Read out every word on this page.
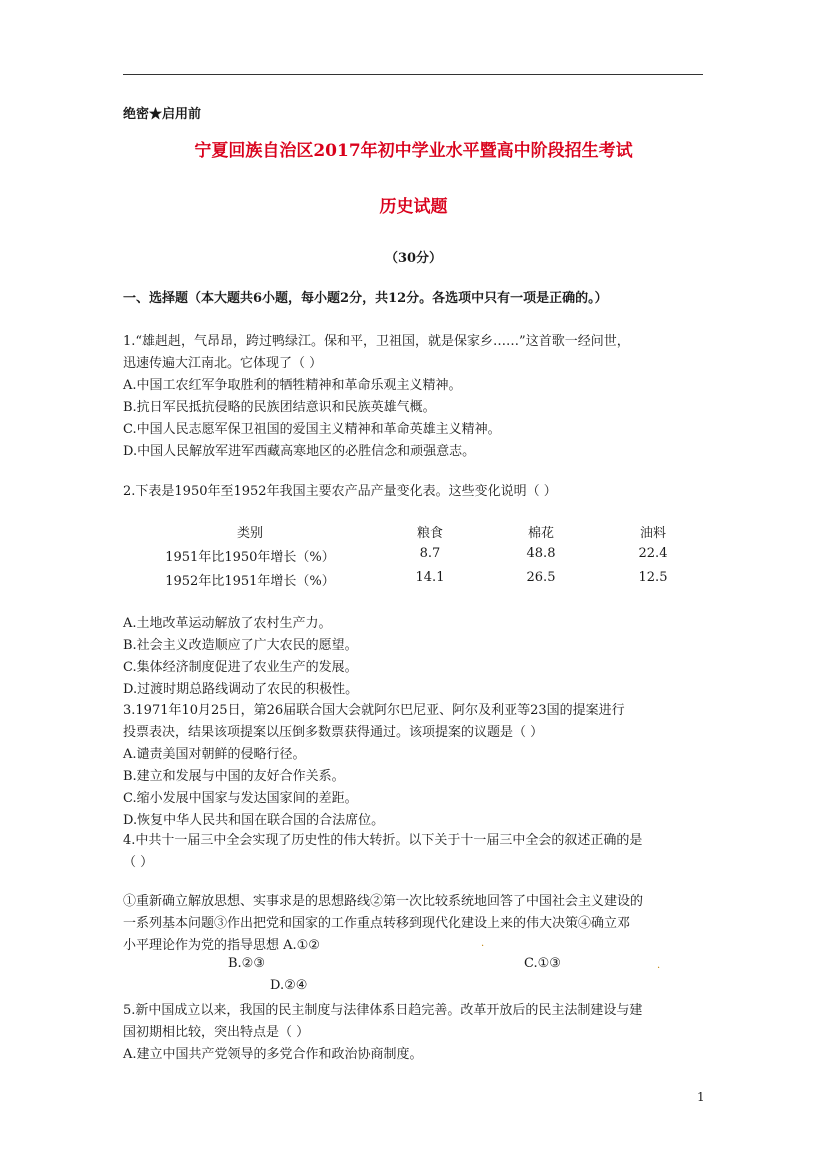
绝密★启用前
宁夏回族自治区2017年初中学业水平暨高中阶段招生考试
历史试题
（30分）
一、选择题（本大题共6小题，每小题2分，共12分。各选项中只有一项是正确的。）
1.“雄赳赳，气昂昂，跨过鸭绿江。保和平，卫祖国，就是保家乡……”这首歌一经问世，
迅速传遍大江南北。它体现了（ ）
A.中国工农红军争取胜利的牺牲精神和革命乐观主义精神。
B.抗日军民抵抗侵略的民族团结意识和民族英雄气概。
C.中国人民志愿军保卫祖国的爱国主义精神和革命英雄主义精神。
D.中国人民解放军进军西藏高寒地区的必胜信念和顽强意志。
2.下表是1950年至1952年我国主要农产品产量变化表。这些变化说明（ ）
类别	粮食	棉花	油料
1951年比1950年增长（%）	8.7	48.8	22.4
1952年比1951年增长（%）	14.1	26.5	12.5
A.土地改革运动解放了农村生产力。
B.社会主义改造顺应了广大农民的愿望。
C.集体经济制度促进了农业生产的发展。
D.过渡时期总路线调动了农民的积极性。
3.1971年10月25日，第26届联合国大会就阿尔巴尼亚、阿尔及利亚等23国的提案进行
投票表决，结果该项提案以压倒多数票获得通过。该项提案的议题是（ ）
A.谴责美国对朝鲜的侵略行径。
B.建立和发展与中国的友好合作关系。
C.缩小发展中国家与发达国家间的差距。
D.恢复中华人民共和国在联合国的合法席位。
4.中共十一届三中全会实现了历史性的伟大转折。以下关于十一届三中全会的叙述正确的是
（ ）
①重新确立解放思想、实事求是的思想路线②第一次比较系统地回答了中国社会主义建设的
一系列基本问题③作出把党和国家的工作重点转移到现代化建设上来的伟大决策④确立邓
小平理论作为党的指导思想 A.①②	.
B.②③	C.①③	.
D.②④
5.新中国成立以来，我国的民主制度与法律体系日趋完善。改革开放后的民主法制建设与建
国初期相比较，突出特点是（ ）
A.建立中国共产党领导的多党合作和政治协商制度。
1
